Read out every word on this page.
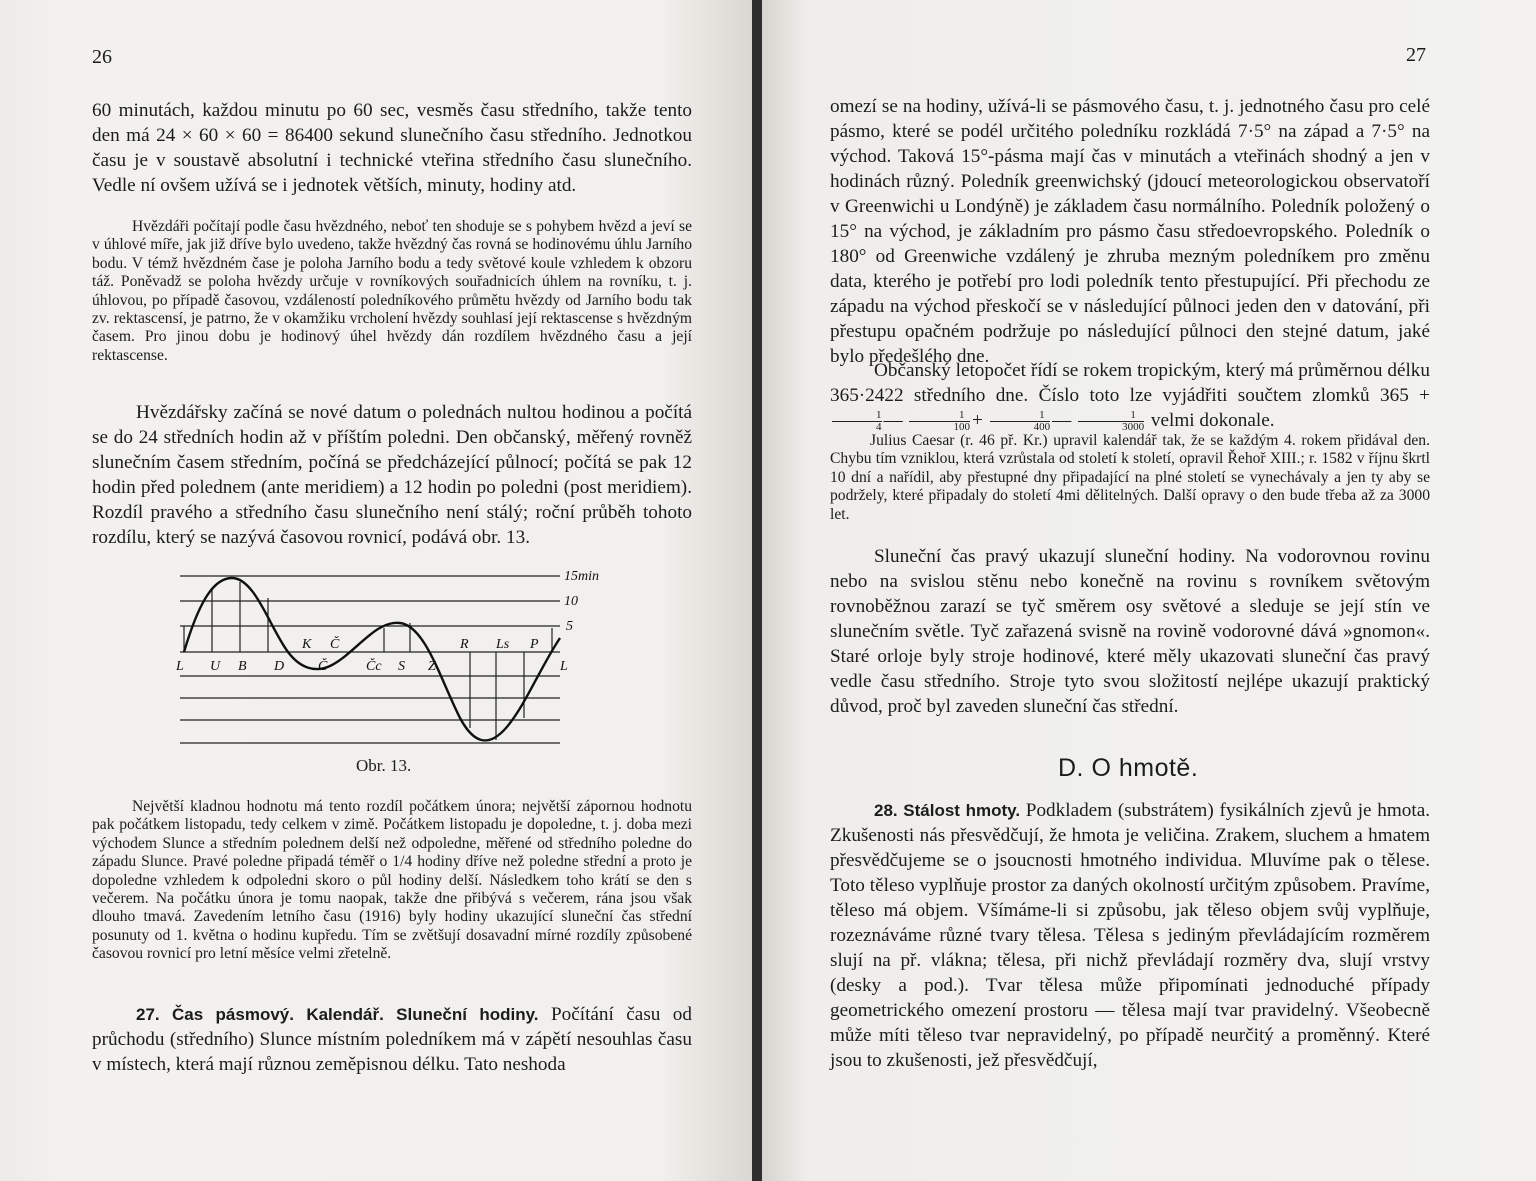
26

60 minutách, každou minutu po 60 sec, vesměs času středního, takže tento den má 24 × 60 × 60 = 86400 sekund slunečního času středního. Jednotkou času je v soustavě absolutní i technické vteřina středního času slunečního. Vedle ní ovšem užívá se i jednotek větších, minuty, hodiny atd.

Hvězdáři počítají podle času hvězdného, neboť ten shoduje se s pohybem hvězd a jeví se v úhlové míře, jak již dříve bylo uvedeno, takže hvězdný čas rovná se hodinovému úhlu Jarního bodu. V témž hvězdném čase je poloha Jarního bodu a tedy světové koule vzhledem k obzoru táž. Poněvadž se poloha hvězdy určuje v rovníkových souřadnicích úhlem na rovníku, t. j. úhlovou, po případě časovou, vzdáleností poledníkového průmětu hvězdy od Jarního bodu tak zv. rektascensí, je patrno, že v okamžiku vrcholení hvězdy souhlasí její rektascense s hvězdným časem. Pro jinou dobu je hodinový úhel hvězdy dán rozdílem hvězdného času a její rektascense.

Hvězdářsky začíná se nové datum o polednách nultou hodinou a počítá se do 24 středních hodin až v příštím poledni. Den občanský, měřený rovněž slunečním časem středním, počíná se předcházející půlnocí; počítá se pak 12 hodin před polednem (ante meridiem) a 12 hodin po poledni (post meridiem). Rozdíl pravého a středního času slunečního není stálý; roční průběh tohoto rozdílu, který se nazývá časovou rovnicí, podává obr. 13.

15min
10
5
L U B D Č	Čc S Z	L
K Č	R Ls P
Obr. 13.

Největší kladnou hodnotu má tento rozdíl počátkem února; největší zápornou hodnotu pak počátkem listopadu, tedy celkem v zimě. Počátkem listopadu je dopoledne, t. j. doba mezi východem Slunce a středním polednem delší než odpoledne, měřené od středního poledne do západu Slunce. Pravé poledne připadá téměř o 1/4 hodiny dříve než poledne střední a proto je dopoledne vzhledem k odpoledni skoro o půl hodiny delší. Následkem toho krátí se den s večerem. Na počátku února je tomu naopak, takže dne přibývá s večerem, rána jsou však dlouho tmavá. Zavedením letního času (1916) byly hodiny ukazující sluneční čas střední posunuty od 1. května o hodinu kupředu. Tím se zvětšují dosavadní mírné rozdíly způsobené časovou rovnicí pro letní měsíce velmi zřetelně.

27. Čas pásmový. Kalendář. Sluneční hodiny. Počítání času od průchodu (středního) Slunce místním poledníkem má v zápětí nesouhlas času v místech, která mají různou zeměpisnou délku. Tato neshoda

27

omezí se na hodiny, užívá-li se pásmového času, t. j. jednotného času pro celé pásmo, které se podél určitého poledníku rozkládá 7·5° na západ a 7·5° na východ. Taková 15°-pásma mají čas v minutách a vteřinách shodný a jen v hodinách různý. Poledník greenwichský (jdoucí meteorologickou observatoří v Greenwichi u Londýně) je základem času normálního. Poledník položený o 15° na východ, je základním pro pásmo času středoevropského. Poledník o 180° od Greenwiche vzdálený je zhruba mezným poledníkem pro změnu data, kterého je potřebí pro lodi poledník tento přestupující. Při přechodu ze západu na východ přeskočí se v následující půlnoci jeden den v datování, při přestupu opačném podržuje po následující půlnoci den stejné datum, jaké bylo předešlého dne.

Občanský letopočet řídí se rokem tropickým, který má průměrnou délku 365·2422 středního dne. Číslo toto lze vyjádřiti součtem zlomků 365 +
$\frac{1}{4}$ — $\frac{1}{100} + \frac{1}{400}$ — $\frac{1}{3000}$ velmi dokonale.

Julius Caesar (r. 46 př. Kr.) upravil kalendář tak, že se každým 4. rokem přidával den. Chybu tím vzniklou, která vzrůstala od století k století, opravil Řehoř XIII.; r. 1582 v říjnu škrtl 10 dní a nařídil, aby přestupné dny připadající na plné století se vynechávaly a jen ty aby se podržely, které připadaly do století 4mi dělitelných. Další opravy o den bude třeba až za 3000 let.

Sluneční čas pravý ukazují sluneční hodiny. Na vodorovnou rovinu nebo na svislou stěnu nebo konečně na rovinu s rovníkem světovým rovnoběžnou zarazí se tyč směrem osy světové a sleduje se její stín ve slunečním světle. Tyč zařazená svisně na rovině vodorovné dává »gnomon«. Staré orloje byly stroje hodinové, které měly ukazovati sluneční čas pravý vedle času středního. Stroje tyto svou složitostí nejlépe ukazují praktický důvod, proč byl zaveden sluneční čas střední.

D. O hmotě.

28. Stálost hmoty. Podkladem (substrátem) fysikálních zjevů je hmota. Zkušenosti nás přesvědčují, že hmota je veličina. Zrakem, sluchem a hmatem přesvědčujeme se o jsoucnosti hmotného individua. Mluvíme pak o tělese. Toto těleso vyplňuje prostor za daných okolností určitým způsobem. Pravíme, těleso má objem. Všímáme-li si způsobu, jak těleso objem svůj vyplňuje, rozeznáváme různé tvary tělesa. Tělesa s jediným převládajícím rozměrem slují na př. vlákna; tělesa, při nichž převládají rozměry dva, slují vrstvy (desky a pod.). Tvar tělesa může připomínati jednoduché případy geometrického omezení prostoru — tělesa mají tvar pravidelný. Všeobecně může míti těleso tvar nepravidelný, po případě neurčitý a proměnný. Které jsou to zkušenosti, jež přesvědčují,
